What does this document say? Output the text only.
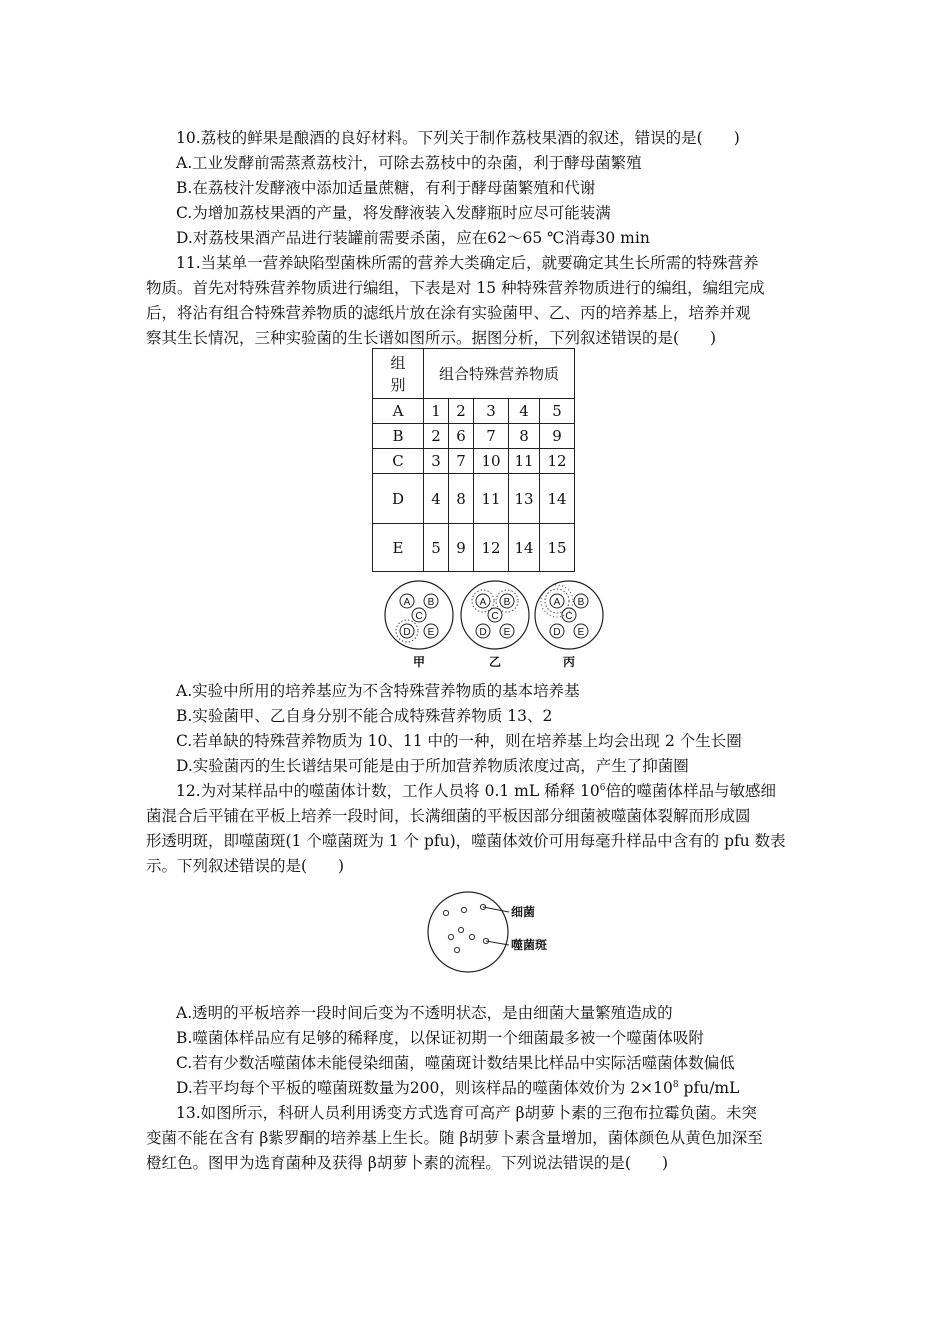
10.荔枝的鲜果是酿酒的良好材料。下列关于制作荔枝果酒的叙述，错误的是(　　)
A.工业发酵前需蒸煮荔枝汁，可除去荔枝中的杂菌，利于酵母菌繁殖
B.在荔枝汁发酵液中添加适量蔗糖，有利于酵母菌繁殖和代谢
C.为增加荔枝果酒的产量，将发酵液装入发酵瓶时应尽可能装满
D.对荔枝果酒产品进行装罐前需要杀菌，应在62～65 ℃消毒30 min
11.当某单一营养缺陷型菌株所需的营养大类确定后，就要确定其生长所需的特殊营养
物质。首先对特殊营养物质进行编组，下表是对 15 种特殊营养物质进行的编组，编组完成
后，将沾有组合特殊营养物质的滤纸片放在涂有实验菌甲、乙、丙的培养基上，培养并观
察其生长情况，三种实验菌的生长谱如图所示。据图分析，下列叙述错误的是(　　)
组
别	组合特殊营养物质				
A	1	2	3	4	5
B	2	6	7	8	9
C	3	7	10	11	12
D	4	8	11	13	14
E	5	9	12	14	15
A B
C
D E
A B
C
D E
A B
C
D E
甲	乙	丙
A.实验中所用的培养基应为不含特殊营养物质的基本培养基
B.实验菌甲、乙自身分别不能合成特殊营养物质 13、2
C.若单缺的特殊营养物质为 10、11 中的一种，则在培养基上均会出现 2 个生长圈
D.实验菌丙的生长谱结果可能是由于所加营养物质浓度过高，产生了抑菌圈
12.为对某样品中的噬菌体计数，工作人员将 0.1 mL 稀释 $10^6$倍的噬菌体样品与敏感细
菌混合后平铺在平板上培养一段时间，长满细菌的平板因部分细菌被噬菌体裂解而形成圆
形透明斑，即噬菌斑(1 个噬菌斑为 1 个 pfu)，噬菌体效价可用每毫升样品中含有的 pfu 数表
示。下列叙述错误的是(　　)
细菌
噬菌斑
A.透明的平板培养一段时间后变为不透明状态，是由细菌大量繁殖造成的
B.噬菌体样品应有足够的稀释度，以保证初期一个细菌最多被一个噬菌体吸附
C.若有少数活噬菌体未能侵染细菌，噬菌斑计数结果比样品中实际活噬菌体数偏低
D.若平均每个平板的噬菌斑数量为200，则该样品的噬菌体效价为 $2\times 10^8$ pfu/mL
13.如图所示，科研人员利用诱变方式选育可高产 β胡萝卜素的三孢布拉霉负菌。未突
变菌不能在含有 β紫罗酮的培养基上生长。随 β胡萝卜素含量增加，菌体颜色从黄色加深至
橙红色。图甲为选育菌种及获得 β胡萝卜素的流程。下列说法错误的是(　　)
